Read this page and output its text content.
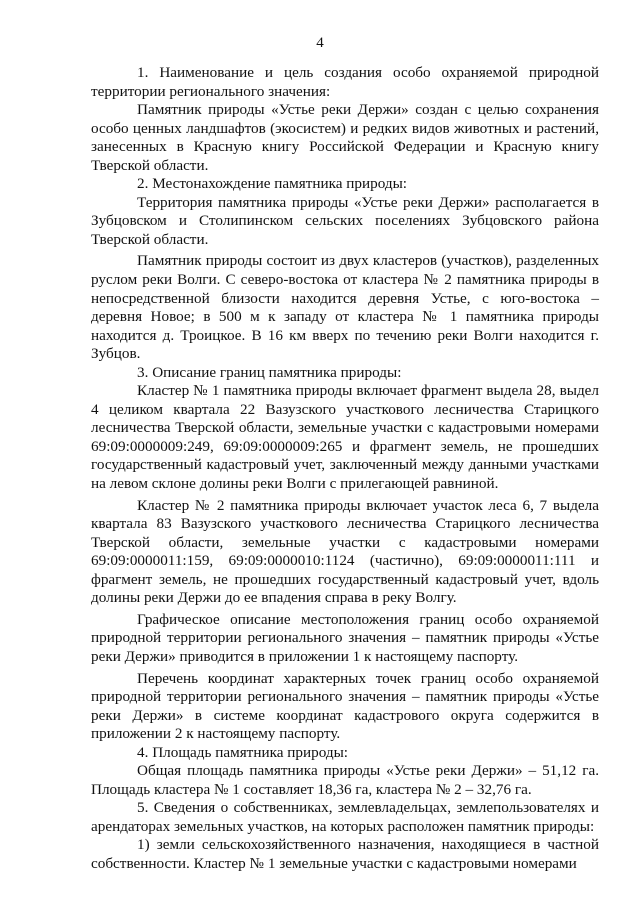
4

1. Наименование и цель создания особо охраняемой природной территории регионального значения:

Памятник природы «Устье реки Держи» создан с целью сохранения особо ценных ландшафтов (экосистем) и редких видов животных и растений, занесенных в Красную книгу Российской Федерации и Красную книгу Тверской области.

2. Местонахождение памятника природы:

Территория памятника природы «Устье реки Держи» располагается в Зубцовском и Столипинском сельских поселениях Зубцовского района Тверской области.

Памятник природы состоит из двух кластеров (участков), разделенных руслом реки Волги. С северо-востока от кластера № 2 памятника природы в непосредственной близости находится деревня Устье, с юго-востока – деревня Новое; в 500 м к западу от кластера № 1 памятника природы находится д. Троицкое. В 16 км вверх по течению реки Волги находится г. Зубцов.

3. Описание границ памятника природы:

Кластер № 1 памятника природы включает фрагмент выдела 28, выдел 4 целиком квартала 22 Вазузского участкового лесничества Старицкого лесничества Тверской области, земельные участки с кадастровыми номерами 69:09:0000009:249, 69:09:0000009:265 и фрагмент земель, не прошедших государственный кадастровый учет, заключенный между данными участками на левом склоне долины реки Волги с прилегающей равниной.

Кластер № 2 памятника природы включает участок леса 6, 7 выдела квартала 83 Вазузского участкового лесничества Старицкого лесничества Тверской области, земельные участки с кадастровыми номерами 69:09:0000011:159, 69:09:0000010:1124 (частично), 69:09:0000011:111 и фрагмент земель, не прошедших государственный кадастровый учет, вдоль долины реки Держи до ее впадения справа в реку Волгу.

Графическое описание местоположения границ особо охраняемой природной территории регионального значения – памятник природы «Устье реки Держи» приводится в приложении 1 к настоящему паспорту.

Перечень координат характерных точек границ особо охраняемой природной территории регионального значения – памятник природы «Устье реки Держи» в системе координат кадастрового округа содержится в приложении 2 к настоящему паспорту.

4. Площадь памятника природы:

Общая площадь памятника природы «Устье реки Держи» – 51,12 га. Площадь кластера № 1 составляет 18,36 га, кластера № 2 – 32,76 га.

5. Сведения о собственниках, землевладельцах, землепользователях и арендаторах земельных участков, на которых расположен памятник природы:

1) земли сельскохозяйственного назначения, находящиеся в частной собственности. Кластер № 1 земельные участки с кадастровыми номерами
